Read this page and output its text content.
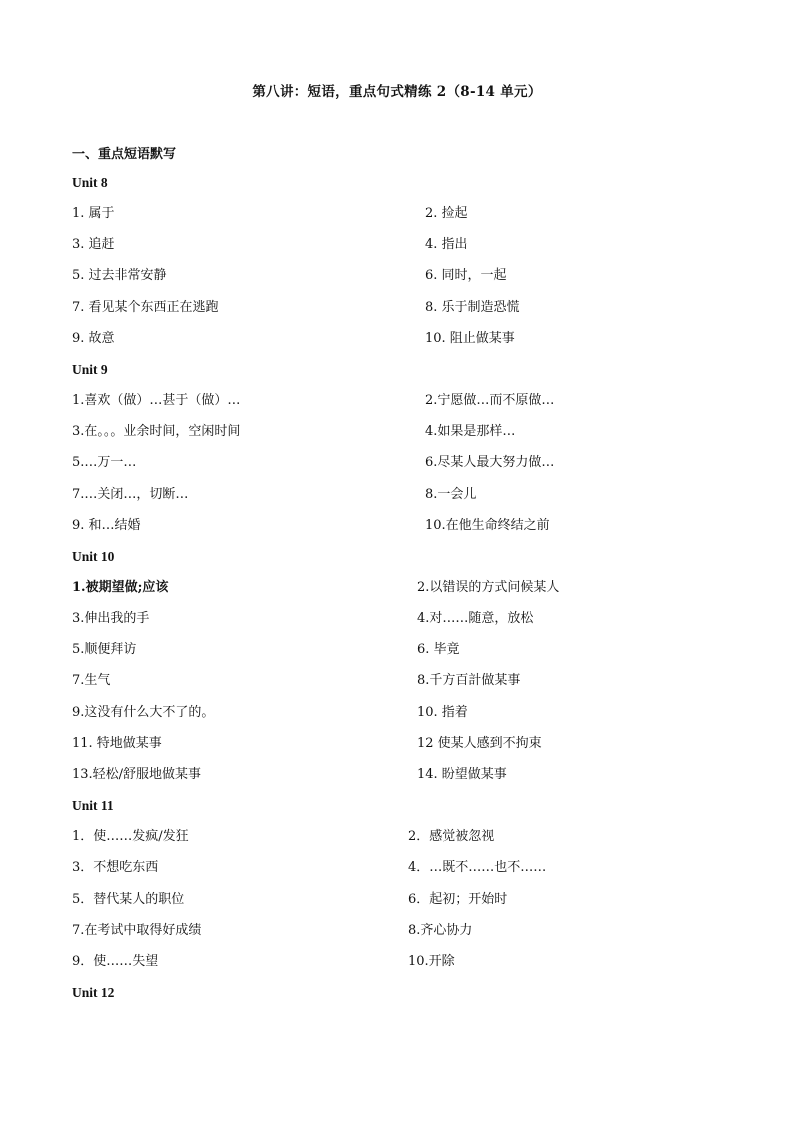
第八讲：短语，重点句式精练 2（8-14 单元）
一、重点短语默写
Unit 8
1. 属于	2. 捡起
3. 追赶	4. 指出
5. 过去非常安静	6. 同时，一起
7. 看见某个东西正在逃跑	8. 乐于制造恐慌
9. 故意	10. 阻止做某事
Unit 9
1.喜欢（做）…甚于（做）…	2.宁愿做…而不原做…
3.在。。。业余时间，空闲时间	4.如果是那样…
5.…万一…	6.尽某人最大努力做…
7.…关闭…，切断…	8.一会儿
9. 和…结婚	10.在他生命终结之前
Unit 10
1.被期望做;应该	2.以错误的方式问候某人
3.伸出我的手	4.对……随意，放松
5.顺便拜访	6. 毕竟
7.生气	8.千方百計做某事
9.这没有什么大不了的。	10. 指着
11. 特地做某事	12 使某人感到不拘束
13.轻松/舒服地做某事	14. 盼望做某事
Unit 11
1．使……发疯/发狂	2．感觉被忽视
3．不想吃东西	4．…既不……也不……
5．替代某人的职位	6．起初；开始时
7.在考试中取得好成绩	8.齐心协力
9．使……失望	10.开除
Unit 12
